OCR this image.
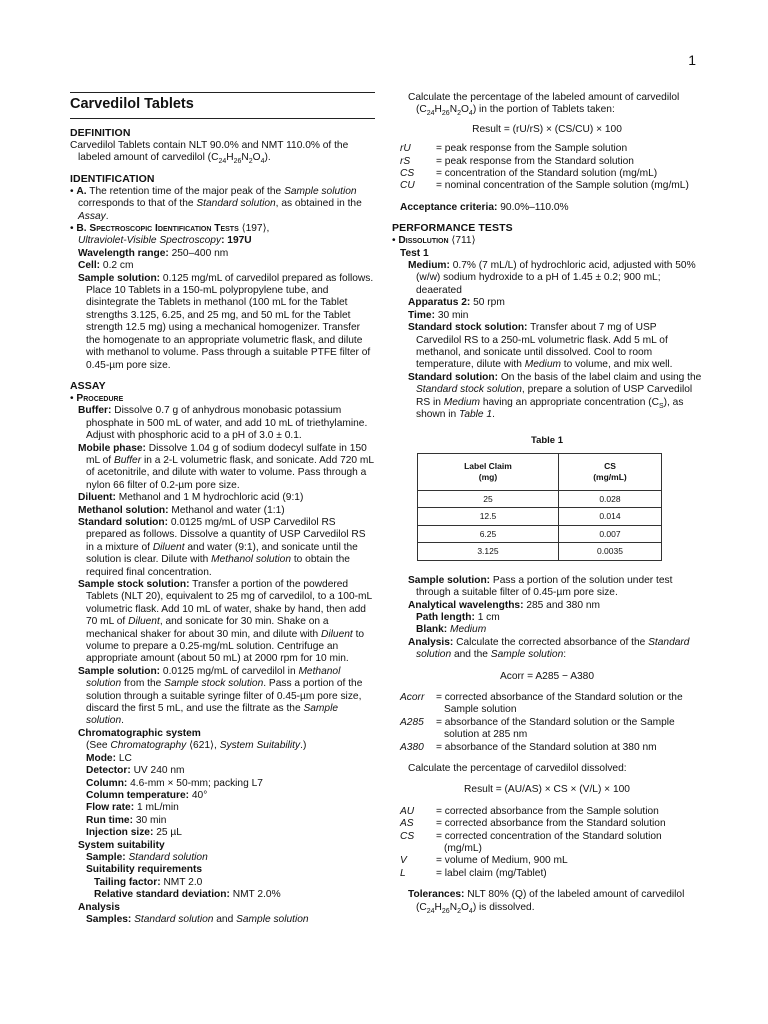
1
Carvedilol Tablets
DEFINITION

Carvedilol Tablets contain NLT 90.0% and NMT 110.0% of the labeled amount of carvedilol $(C_{24}H_{26}N_2O_4)$.

IDENTIFICATION

• A. The retention time of the major peak of the Sample solution corresponds to that of the Standard solution, as obtained in the Assay.

• B. Spectroscopic Identification Tests ⟨197⟩,
Ultraviolet-Visible Spectroscopy: 197U

Wavelength range: 250–400 nm

Cell: 0.2 cm

Sample solution: 0.125 mg/mL of carvedilol prepared as follows. Place 10 Tablets in a 150-mL polypropylene tube, and disintegrate the Tablets in methanol (100 mL for the Tablet strengths 3.125, 6.25, and 25 mg, and 50 mL for the Tablet strength 12.5 mg) using a mechanical homogenizer. Transfer the homogenate to an appropriate volumetric flask, and dilute with methanol to volume. Pass through a suitable PTFE filter of 0.45-µm pore size.

ASSAY

• Procedure

Buffer: Dissolve 0.7 g of anhydrous monobasic potassium phosphate in 500 mL of water, and add 10 mL of triethylamine. Adjust with phosphoric acid to a pH of 3.0 ± 0.1.

Mobile phase: Dissolve 1.04 g of sodium dodecyl sulfate in 150 mL of Buffer in a 2-L volumetric flask, and sonicate. Add 720 mL of acetonitrile, and dilute with water to volume. Pass through a nylon 66 filter of 0.2-µm pore size.

Diluent: Methanol and 1 M hydrochloric acid (9:1)

Methanol solution: Methanol and water (1:1)

Standard solution: 0.0125 mg/mL of USP Carvedilol RS prepared as follows. Dissolve a quantity of USP Carvedilol RS in a mixture of Diluent and water (9:1), and sonicate until the solution is clear. Dilute with Methanol solution to obtain the required final concentration.

Sample stock solution: Transfer a portion of the powdered Tablets (NLT 20), equivalent to 25 mg of carvedilol, to a 100-mL volumetric flask. Add 10 mL of water, shake by hand, then add 70 mL of Diluent, and sonicate for 30 min. Shake on a mechanical shaker for about 30 min, and dilute with Diluent to volume to prepare a 0.25-mg/mL solution. Centrifuge an appropriate amount (about 50 mL) at 2000 rpm for 10 min.

Sample solution: 0.0125 mg/mL of carvedilol in Methanol solution from the Sample stock solution. Pass a portion of the solution through a suitable syringe filter of 0.45-µm pore size, discard the first 5 mL, and use the filtrate as the Sample solution.

Chromatographic system

(See Chromatography ⟨621⟩, System Suitability.)

Mode: LC

Detector: UV 240 nm

Column: 4.6-mm × 50-mm; packing L7

Column temperature: 40°

Flow rate: 1 mL/min

Run time: 30 min

Injection size: 25 µL

System suitability

Sample: Standard solution

Suitability requirements

Tailing factor: NMT 2.0

Relative standard deviation: NMT 2.0%

Analysis

Samples: Standard solution and Sample solution

Calculate the percentage of the labeled amount of carvedilol $(C_{24}H_{26}N_2O_4)$ in the portion of Tablets taken:

Result = (rU/rS) × (CS/CU) × 100

rU	= peak response from the Sample solution
rS	= peak response from the Standard solution
CS	= concentration of the Standard solution (mg/mL)
CU	= nominal concentration of the Sample solution (mg/mL)

Acceptance criteria: 90.0%–110.0%

PERFORMANCE TESTS

• Dissolution ⟨711⟩

Test 1

Medium: 0.7% (7 mL/L) of hydrochloric acid, adjusted with 50% (w/w) sodium hydroxide to a pH of 1.45 ± 0.2; 900 mL; deaerated

Apparatus 2: 50 rpm

Time: 30 min

Standard stock solution: Transfer about 7 mg of USP Carvedilol RS to a 250-mL volumetric flask. Add 5 mL of methanol, and sonicate until dissolved. Cool to room temperature, dilute with Medium to volume, and mix well.

Standard solution: On the basis of the label claim and using the Standard stock solution, prepare a solution of USP Carvedilol RS in Medium having an appropriate concentration $(C_S)$, as shown in Table 1.

Table 1
Label Claim
(mg)	CS
(mg/mL)
25	0.028
12.5	0.014
6.25	0.007
3.125	0.0035

Sample solution: Pass a portion of the solution under test through a suitable filter of 0.45-µm pore size.

Analytical wavelengths: 285 and 380 nm

Path length: 1 cm

Blank: Medium

Analysis: Calculate the corrected absorbance of the Standard solution and the Sample solution:

Acorr = A285 − A380

Acorr	= corrected absorbance of the Standard solution or the Sample solution
A285	= absorbance of the Standard solution or the Sample solution at 285 nm
A380	= absorbance of the Standard solution at 380 nm

Calculate the percentage of carvedilol dissolved:

Result = (AU/AS) × CS × (V/L) × 100

AU	= corrected absorbance from the Sample solution
AS	= corrected absorbance from the Standard solution
CS	= corrected concentration of the Standard solution (mg/mL)
V	= volume of Medium, 900 mL
L	= label claim (mg/Tablet)

Tolerances: NLT 80% (Q) of the labeled amount of carvedilol $(C_{24}H_{26}N_2O_4)$ is dissolved.
